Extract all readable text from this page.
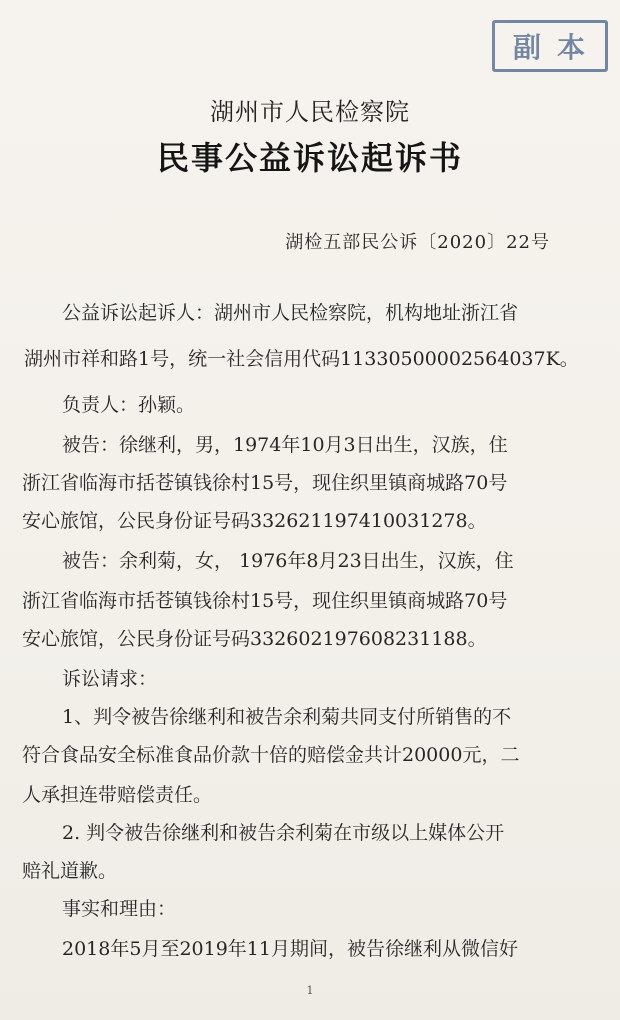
副本
湖州市人民检察院
民事公益诉讼起诉书
湖检五部民公诉〔2020〕22号
公益诉讼起诉人：湖州市人民检察院，机构地址浙江省
湖州市祥和路1号，统一社会信用代码11330500002564037K。
负责人：孙颖。
被告：徐继利，男，1974年10月3日出生，汉族，住
浙江省临海市括苍镇钱徐村15号，现住织里镇商城路70号
安心旅馆，公民身份证号码332621197410031278。
被告：余利菊，女， 1976年8月23日出生，汉族，住
浙江省临海市括苍镇钱徐村15号，现住织里镇商城路70号
安心旅馆，公民身份证号码332602197608231188。
诉讼请求：
1、判令被告徐继利和被告余利菊共同支付所销售的不
符合食品安全标准食品价款十倍的赔偿金共计20000元，二
人承担连带赔偿责任。
2. 判令被告徐继利和被告余利菊在市级以上媒体公开
赔礼道歉。
事实和理由：
2018年5月至2019年11月期间，被告徐继利从微信好
1
